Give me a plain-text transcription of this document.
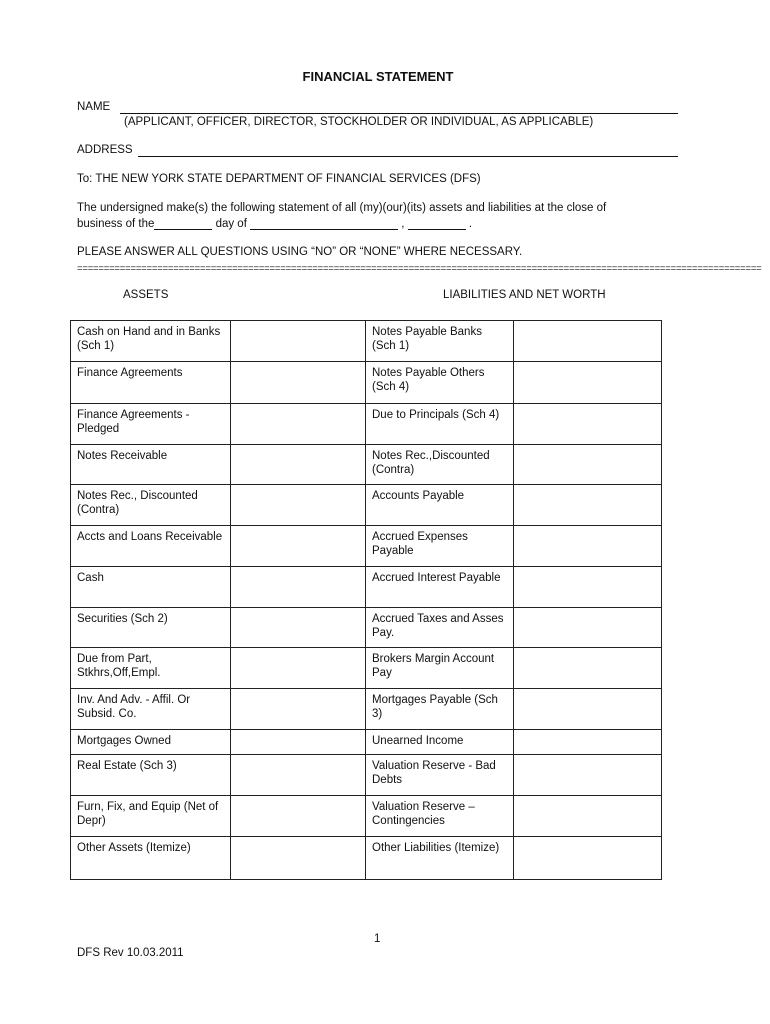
FINANCIAL STATEMENT
NAME
(APPLICANT, OFFICER, DIRECTOR, STOCKHOLDER OR INDIVIDUAL, AS APPLICABLE)
ADDRESS
To: THE NEW YORK STATE DEPARTMENT OF FINANCIAL SERVICES (DFS)
The undersigned make(s) the following statement of all (my)(our)(its) assets and liabilities at the close of
business of the	day of	,	.
PLEASE ANSWER ALL QUESTIONS USING “NO” OR “NONE” WHERE NECESSARY.
================================================================================================================================
ASSETS	LIABILITIES AND NET WORTH
Cash on Hand and in Banks (Sch 1)		Notes Payable Banks (Sch 1)	
Finance Agreements		Notes Payable Others (Sch 4)	
Finance Agreements - Pledged		Due to Principals (Sch 4)	
Notes Receivable		Notes Rec.,Discounted (Contra)	
Notes Rec., Discounted (Contra)		Accounts Payable	
Accts and Loans Receivable		Accrued Expenses Payable	
Cash		Accrued Interest Payable	
Securities (Sch 2)		Accrued Taxes and Asses Pay.	
Due from Part, Stkhrs,Off,Empl.		Brokers Margin Account Pay	
Inv. And Adv. - Affil. Or Subsid. Co.		Mortgages Payable (Sch 3)	
Mortgages Owned		Unearned Income	
Real Estate (Sch 3)		Valuation Reserve - Bad Debts	
Furn, Fix, and Equip (Net of Depr)		Valuation Reserve – Contingencies	
Other Assets (Itemize)		Other Liabilities (Itemize)	
1
DFS Rev 10.03.2011
